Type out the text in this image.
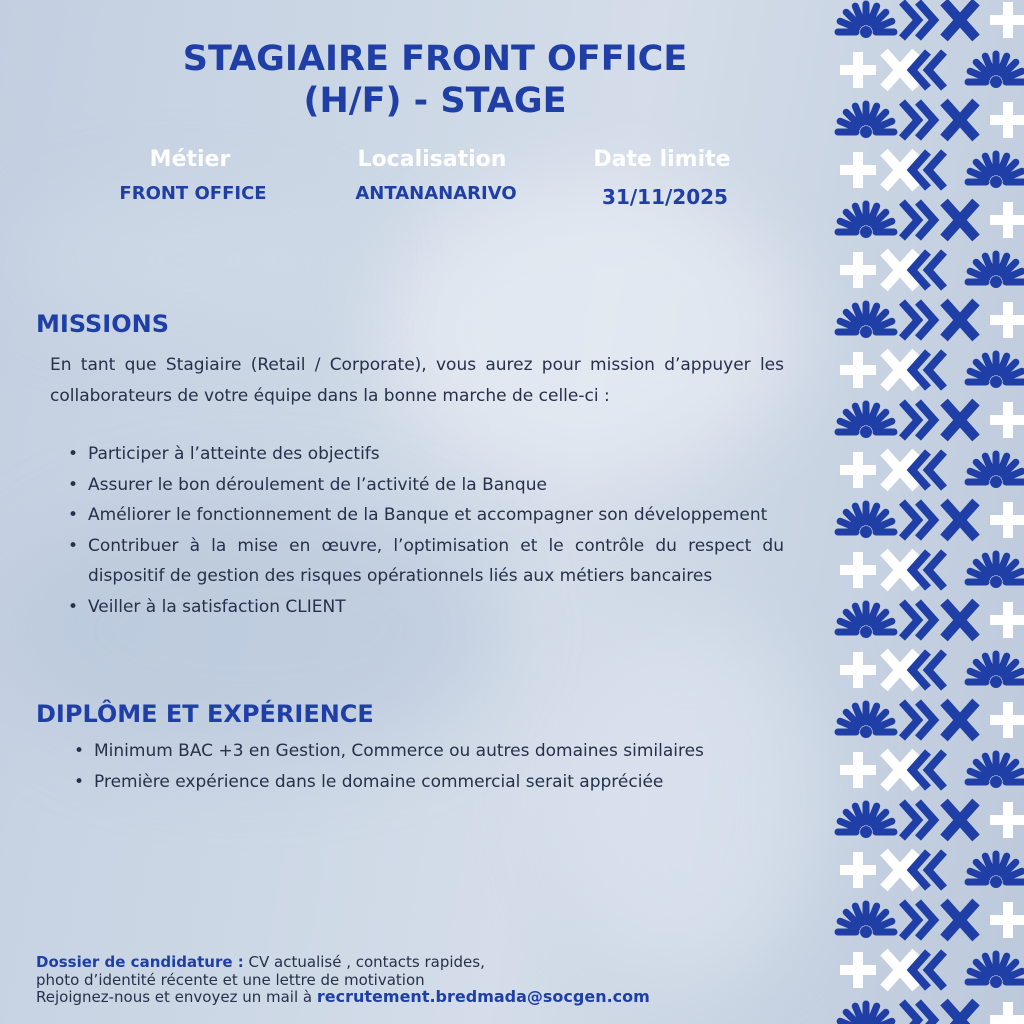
STAGIAIRE FRONT OFFICE
(H/F) - STAGE
Métier
FRONT OFFICE
Localisation
ANTANANARIVO
Date limite
31/11/2025
MISSIONS

En tant que Stagiaire (Retail / Corporate), vous aurez pour mission d’appuyer les collaborateurs de votre équipe dans la bonne marche de celle-ci :

• Participer à l’atteinte des objectifs
• Assurer le bon déroulement de l’activité de la Banque
• Améliorer le fonctionnement de la Banque et accompagner son développement
• Contribuer à la mise en œuvre, l’optimisation et le contrôle du respect du dispositif de gestion des risques opérationnels liés aux métiers bancaires
• Veiller à la satisfaction CLIENT
DIPLÔME ET EXPÉRIENCE
• Minimum BAC +3 en Gestion, Commerce ou autres domaines similaires
• Première expérience dans le domaine commercial serait appréciée

Dossier de candidature : CV actualisé , contacts rapides,

photo d’identité récente et une lettre de motivation

Rejoignez-nous et envoyez un mail à recrutement.bredmada@socgen.com
